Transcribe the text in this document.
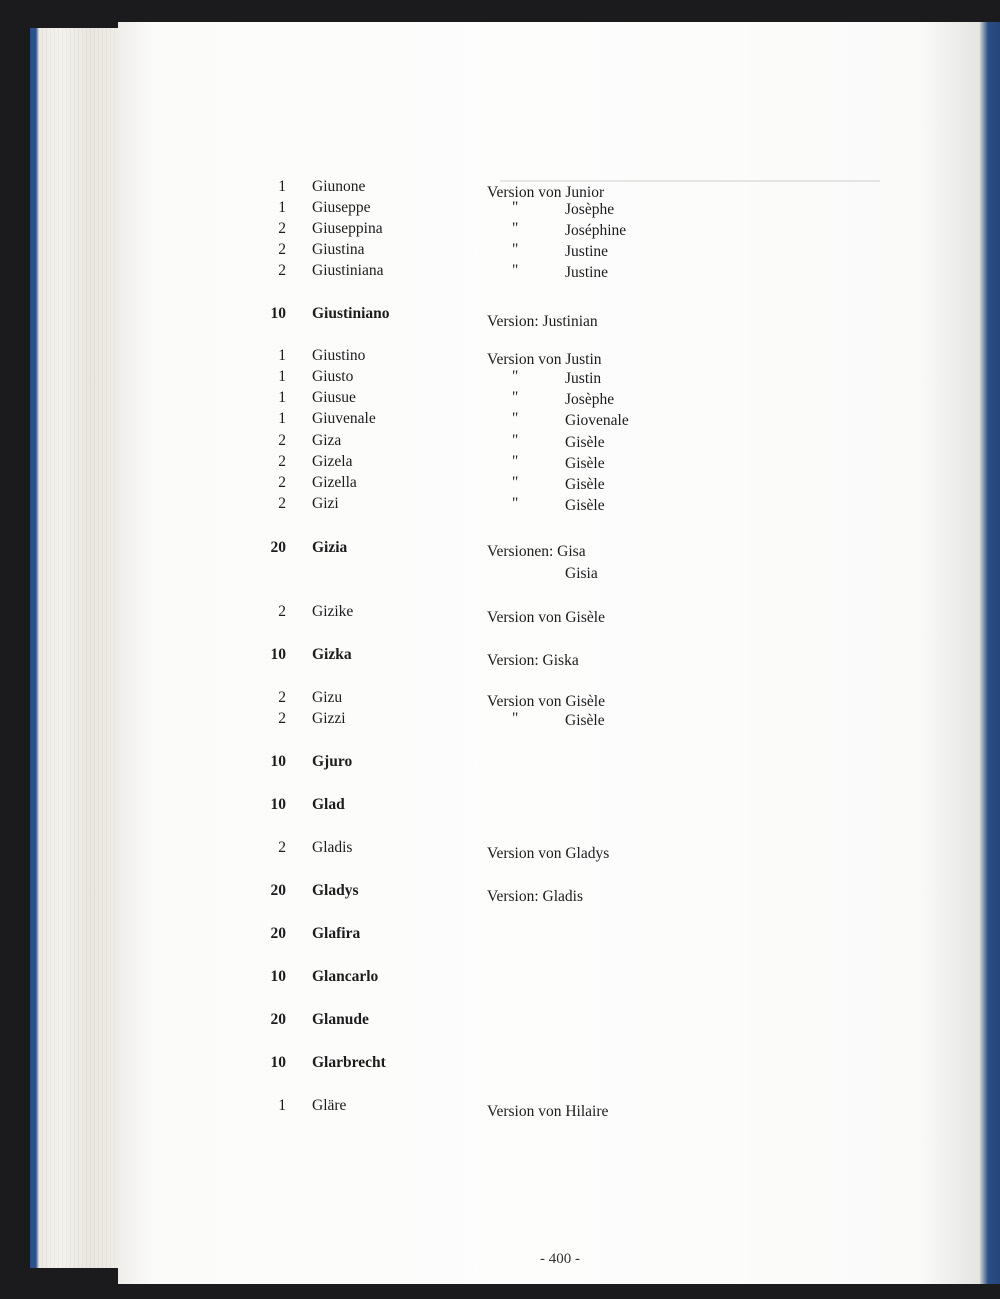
1 Giunone	Version von Junior
1 Giuseppe	"	Josèphe
2 Giuseppina	"	Joséphine
2 Giustina	"	Justine
2 Giustiniana	"	Justine
10 Giustiniano	Version: Justinian
1 Giustino	Version von Justin
1 Giusto	"	Justin
1 Giusue	"	Josèphe
1 Giuvenale	"	Giovenale
2 Giza	"	Gisèle
2 Gizela	"	Gisèle
2 Gizella	"	Gisèle
2 Gizi	"	Gisèle
20 Gizia	Versionen: Gisa
Gisia
2 Gizike	Version von Gisèle
10 Gizka	Version: Giska
2 Gizu	Version von Gisèle
2 Gizzi	"	Gisèle
10 Gjuro
10 Glad
2 Gladis	Version von Gladys
20 Gladys	Version: Gladis
20 Glafira
10 Glancarlo
20 Glanude
10 Glarbrecht
1 Gläre	Version von Hilaire
- 400 -
